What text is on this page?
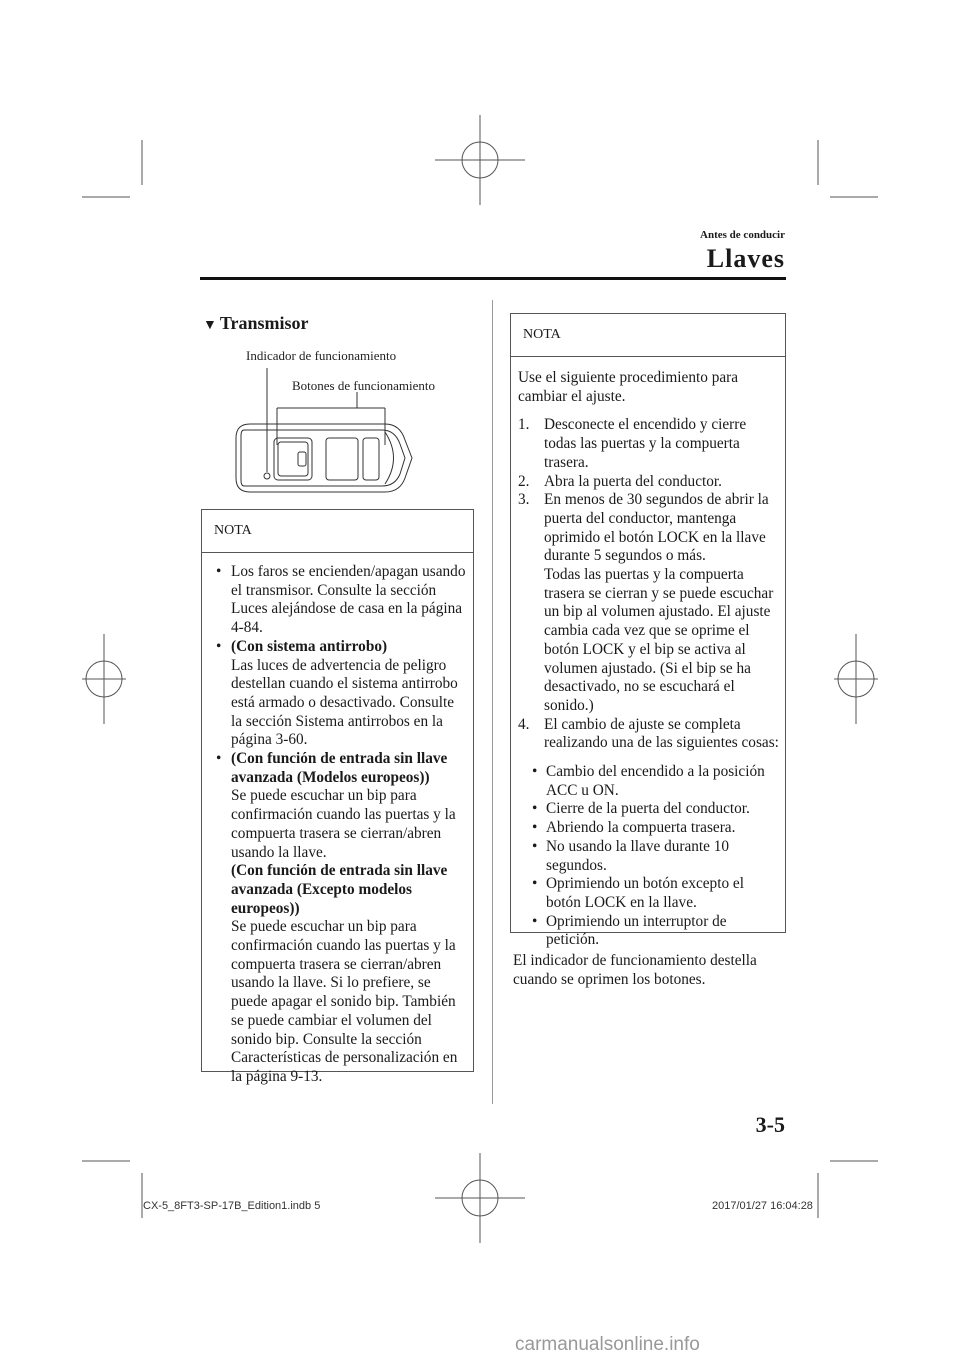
Antes de conducir
Llaves
▼ Transmisor
Indicador de funcionamiento
Botones de funcionamiento
NOTA
• Los faros se encienden/apagan usando el transmisor. Consulte la sección Luces alejándose de casa en la página 4-84.
• (Con sistema antirrobo)
Las luces de advertencia de peligro destellan cuando el sistema antirrobo está armado o desactivado. Consulte la sección Sistema antirrobos en la página 3-60.
• (Con función de entrada sin llave avanzada (Modelos europeos))
Se puede escuchar un bip para confirmación cuando las puertas y la compuerta trasera se cierran/abren usando la llave.
(Con función de entrada sin llave avanzada (Excepto modelos europeos))
Se puede escuchar un bip para confirmación cuando las puertas y la compuerta trasera se cierran/abren usando la llave. Si lo prefiere, se puede apagar el sonido bip. También se puede cambiar el volumen del sonido bip. Consulte la sección Características de personalización en la página 9-13.
NOTA
Use el siguiente procedimiento para cambiar el ajuste.
1. Desconecte el encendido y cierre todas las puertas y la compuerta trasera.
2. Abra la puerta del conductor.
3. En menos de 30 segundos de abrir la puerta del conductor, mantenga oprimido el botón LOCK en la llave durante 5 segundos o más.
Todas las puertas y la compuerta trasera se cierran y se puede escuchar un bip al volumen ajustado. El ajuste cambia cada vez que se oprime el botón LOCK y el bip se activa al volumen ajustado. (Si el bip se ha desactivado, no se escuchará el sonido.)
4. El cambio de ajuste se completa realizando una de las siguientes cosas:
• Cambio del encendido a la posición ACC u ON.
• Cierre de la puerta del conductor.
• Abriendo la compuerta trasera.
• No usando la llave durante 10 segundos.
• Oprimiendo un botón excepto el botón LOCK en la llave.
• Oprimiendo un interruptor de petición.
El indicador de funcionamiento destella cuando se oprimen los botones.
3-5
CX-5_8FT3-SP-17B_Edition1.indb 5	2017/01/27 16:04:28
carmanualsonline.info
